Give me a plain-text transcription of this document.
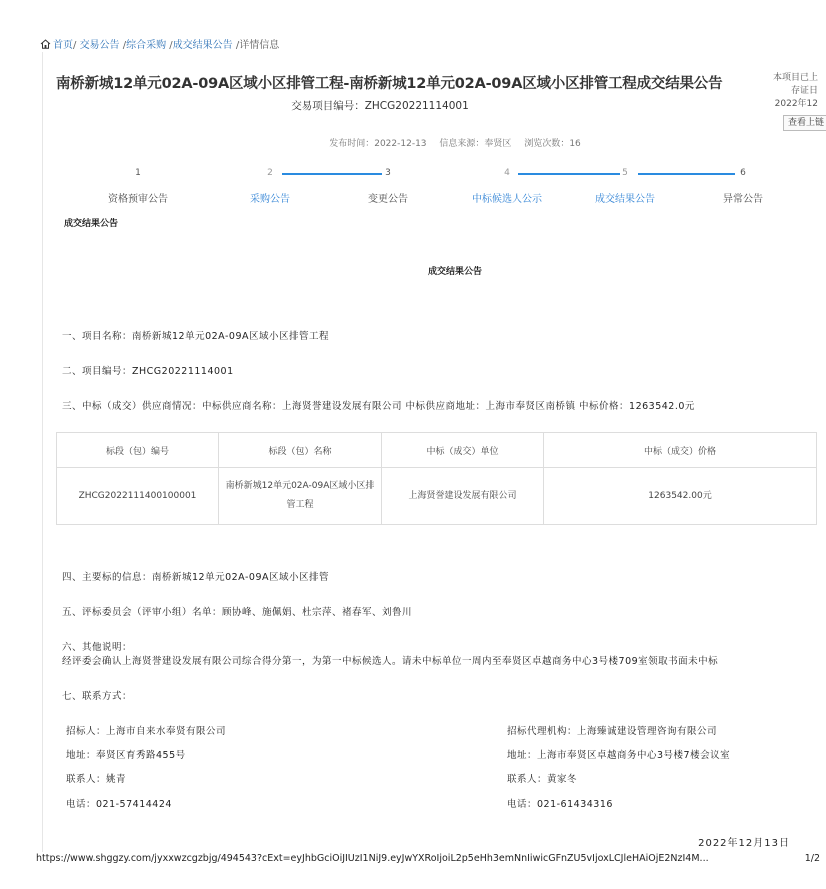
首页/ 交易公告 /综合采购 /成交结果公告 /详情信息
南桥新城12单元02A-09A区域小区排管工程-南桥新城12单元02A-09A区域小区排管工程成交结果公告
交易项目编号：ZHCG20221114001
本项目已上
存证日
2022年12
查看上链
发布时间：2022-12-13 信息来源：奉贤区 浏览次数：16
1
资格预审公告
2
采购公告
3
变更公告
4
中标候选人公示
5
成交结果公告
6
异常公告
成交结果公告
成交结果公告
一、项目名称：南桥新城12单元02A-09A区域小区排管工程
二、项目编号：ZHCG20221114001
三、中标（成交）供应商情况：中标供应商名称：上海贤誉建设发展有限公司 中标供应商地址：上海市奉贤区南桥镇 中标价格：1263542.0元
标段（包）编号	标段（包）名称	中标（成交）单位	中标（成交）价格
ZHCG2022111400100001	南桥新城12单元02A-09A区域小区排管工程	上海贤誉建设发展有限公司	1263542.00元
四、主要标的信息：南桥新城12单元02A-09A区域小区排管
五、评标委员会（评审小组）名单：顾协峰、施佩娟、杜宗萍、褚春军、刘鲁川
六、其他说明：
经评委会确认上海贤誉建设发展有限公司综合得分第一，为第一中标候选人。请未中标单位一周内至奉贤区卓越商务中心3号楼709室领取书面未中标
七、联系方式：
招标人：上海市自来水奉贤有限公司
地址：奉贤区育秀路455号
联系人：姚青
电话：021-57414424
招标代理机构：上海臻诚建设管理咨询有限公司
地址：上海市奉贤区卓越商务中心3号楼7楼会议室
联系人：黄家冬
电话：021-61434316
2022年12月13日
https://www.shggzy.com/jyxxwzcgzbjg/494543?cExt=eyJhbGciOiJIUzI1NiJ9.eyJwYXRoIjoiL2p5eHh3emNnIiwicGFnZU5vIjoxLCJleHAiOjE2NzI4M...	1/2
